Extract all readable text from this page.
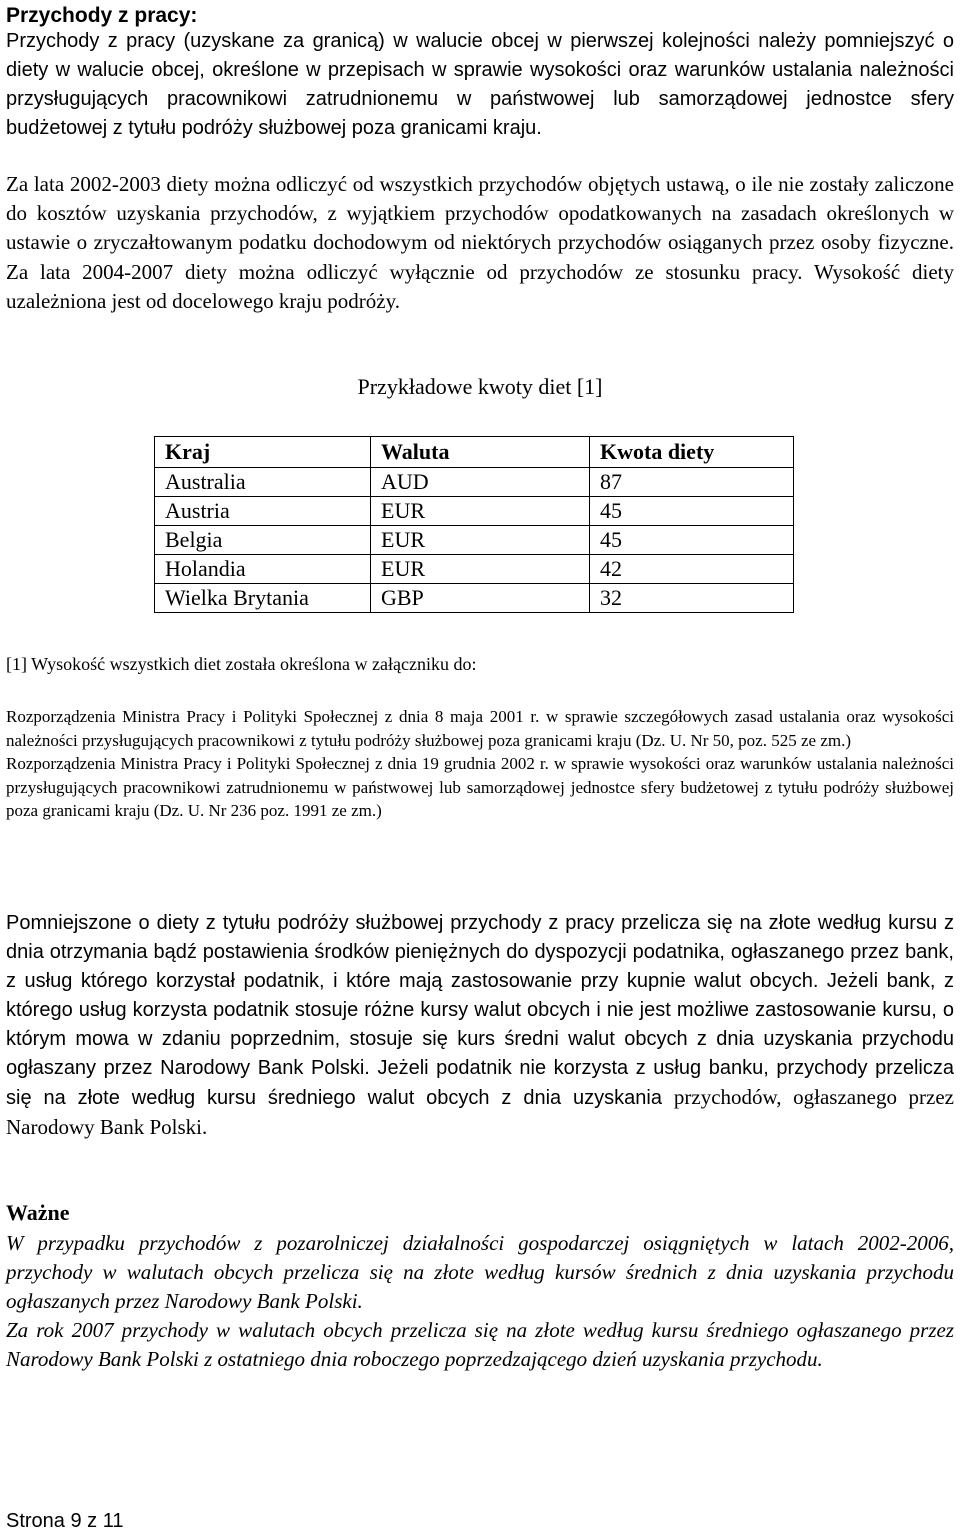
Przychody z pracy:

Przychody z pracy (uzyskane za granicą) w walucie obcej w pierwszej kolejności należy pomniejszyć o diety w walucie obcej, określone w przepisach w sprawie wysokości oraz warunków ustalania należności przysługujących pracownikowi zatrudnionemu w państwowej lub samorządowej jednostce sfery budżetowej z tytułu podróży służbowej poza granicami kraju.

Za lata 2002-2003 diety można odliczyć od wszystkich przychodów objętych ustawą, o ile nie zostały zaliczone do kosztów uzyskania przychodów, z wyjątkiem przychodów opodatkowanych na zasadach określonych w ustawie o zryczałtowanym podatku dochodowym od niektórych przychodów osiąganych przez osoby fizyczne. Za lata 2004-2007 diety można odliczyć wyłącznie od przychodów ze stosunku pracy. Wysokość diety uzależniona jest od docelowego kraju podróży.

Przykładowe kwoty diet [1]
Kraj	Waluta	Kwota diety
Australia	AUD	87
Austria	EUR	45
Belgia	EUR	45
Holandia	EUR	42
Wielka Brytania	GBP	32
[1] Wysokość wszystkich diet została określona w załączniku do:

Rozporządzenia Ministra Pracy i Polityki Społecznej z dnia 8 maja 2001 r. w sprawie szczegółowych zasad ustalania oraz wysokości należności przysługujących pracownikowi z tytułu podróży służbowej poza granicami kraju (Dz. U. Nr 50, poz. 525 ze zm.)

Rozporządzenia Ministra Pracy i Polityki Społecznej z dnia 19 grudnia 2002 r. w sprawie wysokości oraz warunków ustalania należności przysługujących pracownikowi zatrudnionemu w państwowej lub samorządowej jednostce sfery budżetowej z tytułu podróży służbowej poza granicami kraju (Dz. U. Nr 236 poz. 1991 ze zm.)

Pomniejszone o diety z tytułu podróży służbowej przychody z pracy przelicza się na złote według kursu z dnia otrzymania bądź postawienia środków pieniężnych do dyspozycji podatnika, ogłaszanego przez bank, z usług którego korzystał podatnik, i które mają zastosowanie przy kupnie walut obcych. Jeżeli bank, z którego usług korzysta podatnik stosuje różne kursy walut obcych i nie jest możliwe zastosowanie kursu, o którym mowa w zdaniu poprzednim, stosuje się kurs średni walut obcych z dnia uzyskania przychodu ogłaszany przez Narodowy Bank Polski. Jeżeli podatnik nie korzysta z usług banku, przychody przelicza się na złote według kursu średniego walut obcych z dnia uzyskania przychodów, ogłaszanego przez Narodowy Bank Polski.

Ważne

W przypadku przychodów z pozarolniczej działalności gospodarczej osiągniętych w latach 2002-2006, przychody w walutach obcych przelicza się na złote według kursów średnich z dnia uzyskania przychodu ogłaszanych przez Narodowy Bank Polski.

Za rok 2007 przychody w walutach obcych przelicza się na złote według kursu średniego ogłaszanego przez Narodowy Bank Polski z ostatniego dnia roboczego poprzedzającego dzień uzyskania przychodu.

Strona 9 z 11
